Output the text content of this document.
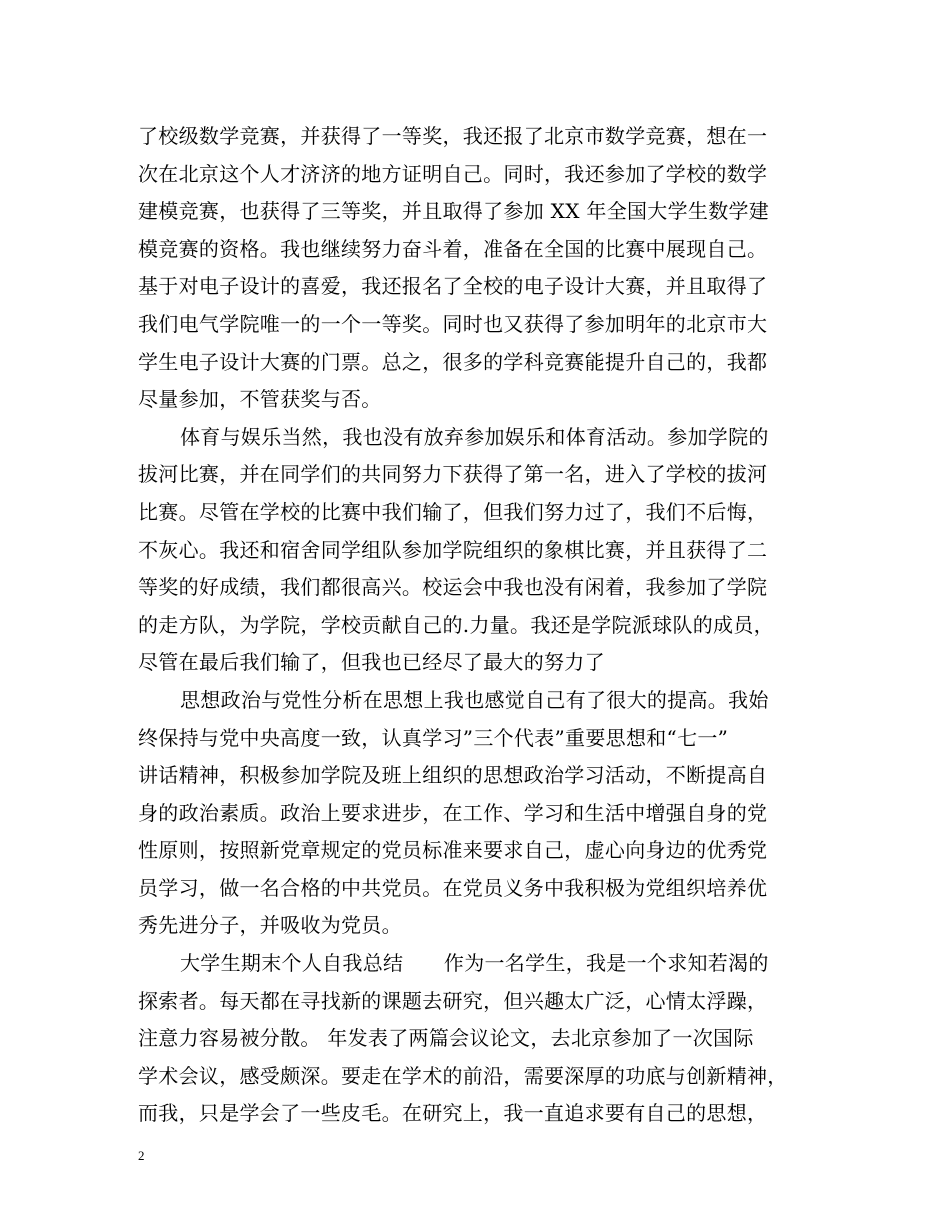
了校级数学竞赛，并获得了一等奖，我还报了北京市数学竞赛，想在一
次在北京这个人才济济的地方证明自己。同时，我还参加了学校的数学
建模竞赛，也获得了三等奖，并且取得了参加 XX 年全国大学生数学建
模竞赛的资格。我也继续努力奋斗着，准备在全国的比赛中展现自己。
基于对电子设计的喜爱，我还报名了全校的电子设计大赛，并且取得了
我们电气学院唯一的一个一等奖。同时也又获得了参加明年的北京市大
学生电子设计大赛的门票。总之，很多的学科竞赛能提升自己的，我都
尽量参加，不管获奖与否。
体育与娱乐当然，我也没有放弃参加娱乐和体育活动。参加学院的
拔河比赛，并在同学们的共同努力下获得了第一名，进入了学校的拔河
比赛。尽管在学校的比赛中我们输了，但我们努力过了，我们不后悔，
不灰心。我还和宿舍同学组队参加学院组织的象棋比赛，并且获得了二
等奖的好成绩，我们都很高兴。校运会中我也没有闲着，我参加了学院
的走方队，为学院，学校贡献自己的.力量。我还是学院派球队的成员，
尽管在最后我们输了，但我也已经尽了最大的努力了
思想政治与党性分析在思想上我也感觉自己有了很大的提高。我始
终保持与党中央高度一致，认真学习”三个代表”重要思想和“七一”
讲话精神，积极参加学院及班上组织的思想政治学习活动，不断提高自
身的政治素质。政治上要求进步，在工作、学习和生活中增强自身的党
性原则，按照新党章规定的党员标准来要求自己，虚心向身边的优秀党
员学习，做一名合格的中共党员。在党员义务中我积极为党组织培养优
秀先进分子，并吸收为党员。
大学生期末个人自我总结　　作为一名学生，我是一个求知若渴的
探索者。每天都在寻找新的课题去研究，但兴趣太广泛，心情太浮躁，
注意力容易被分散。 年发表了两篇会议论文，去北京参加了一次国际
学术会议，感受颇深。要走在学术的前沿，需要深厚的功底与创新精神，
而我，只是学会了一些皮毛。在研究上，我一直追求要有自己的思想，
2
